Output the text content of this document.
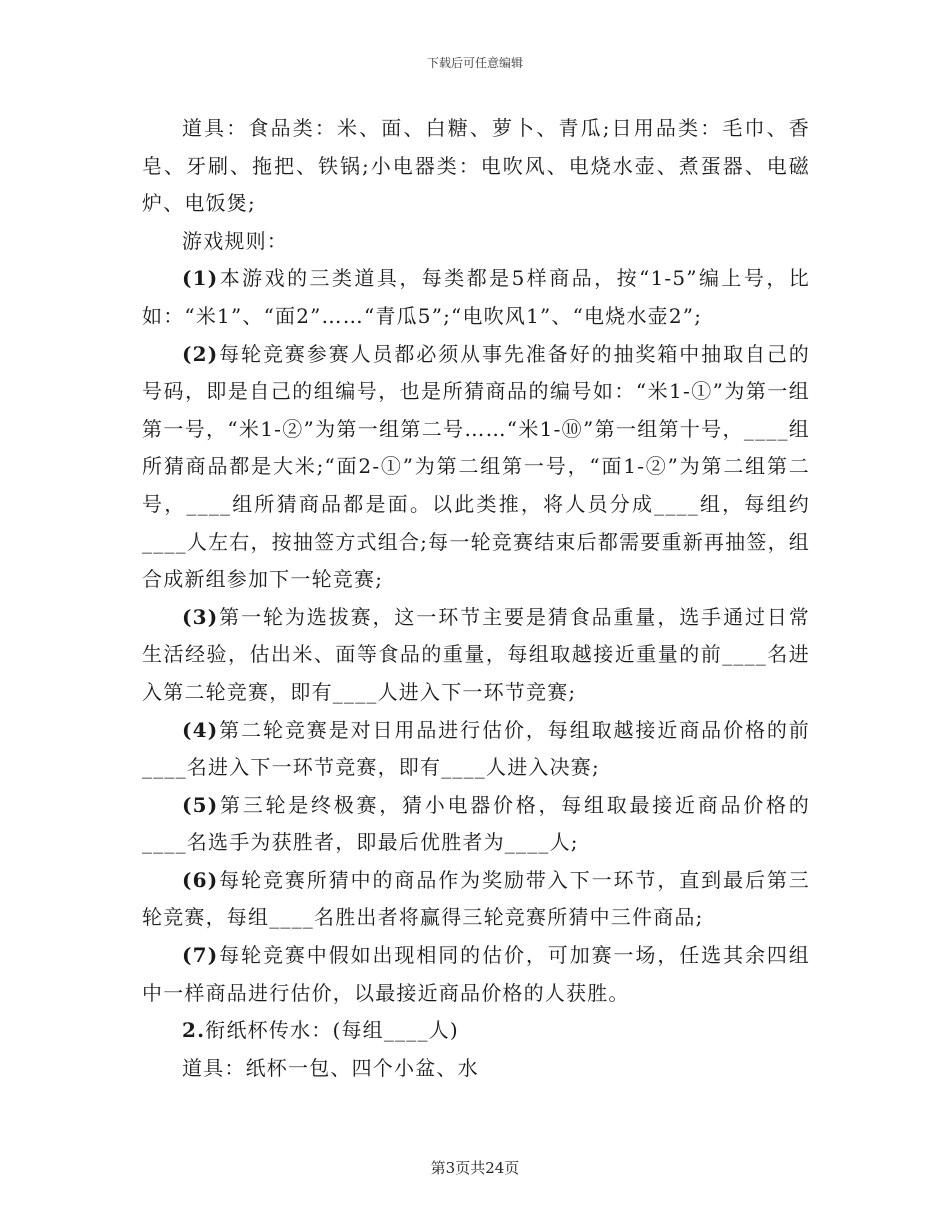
下载后可任意编辑

道具：食品类：米、面、白糖、萝卜、青瓜;日用品类：毛巾、香皂、牙刷、拖把、铁锅;小电器类：电吹风、电烧水壶、煮蛋器、电磁炉、电饭煲;

游戏规则：

(1)本游戏的三类道具，每类都是5样商品，按“1-5”编上号，比如：“米1”、“面2”……“青瓜5”;“电吹风1”、“电烧水壶2”;

(2)每轮竞赛参赛人员都必须从事先准备好的抽奖箱中抽取自己的号码，即是自己的组编号，也是所猜商品的编号如：“米1-①”为第一组第一号，“米1-②”为第一组第二号……“米1-⑩”第一组第十号，____组所猜商品都是大米;“面2-①”为第二组第一号，“面1-②”为第二组第二号，____组所猜商品都是面。以此类推，将人员分成____组，每组约____人左右，按抽签方式组合;每一轮竞赛结束后都需要重新再抽签，组合成新组参加下一轮竞赛;

(3)第一轮为选拔赛，这一环节主要是猜食品重量，选手通过日常生活经验，估出米、面等食品的重量，每组取越接近重量的前____名进入第二轮竞赛，即有____人进入下一环节竞赛;

(4)第二轮竞赛是对日用品进行估价，每组取越接近商品价格的前____名进入下一环节竞赛，即有____人进入决赛;

(5)第三轮是终极赛，猜小电器价格，每组取最接近商品价格的____名选手为获胜者，即最后优胜者为____人;

(6)每轮竞赛所猜中的商品作为奖励带入下一环节，直到最后第三轮竞赛，每组____名胜出者将赢得三轮竞赛所猜中三件商品;

(7)每轮竞赛中假如出现相同的估价，可加赛一场，任选其余四组中一样商品进行估价，以最接近商品价格的人获胜。

2.衔纸杯传水：(每组____人)

道具：纸杯一包、四个小盆、水

第3页共24页
